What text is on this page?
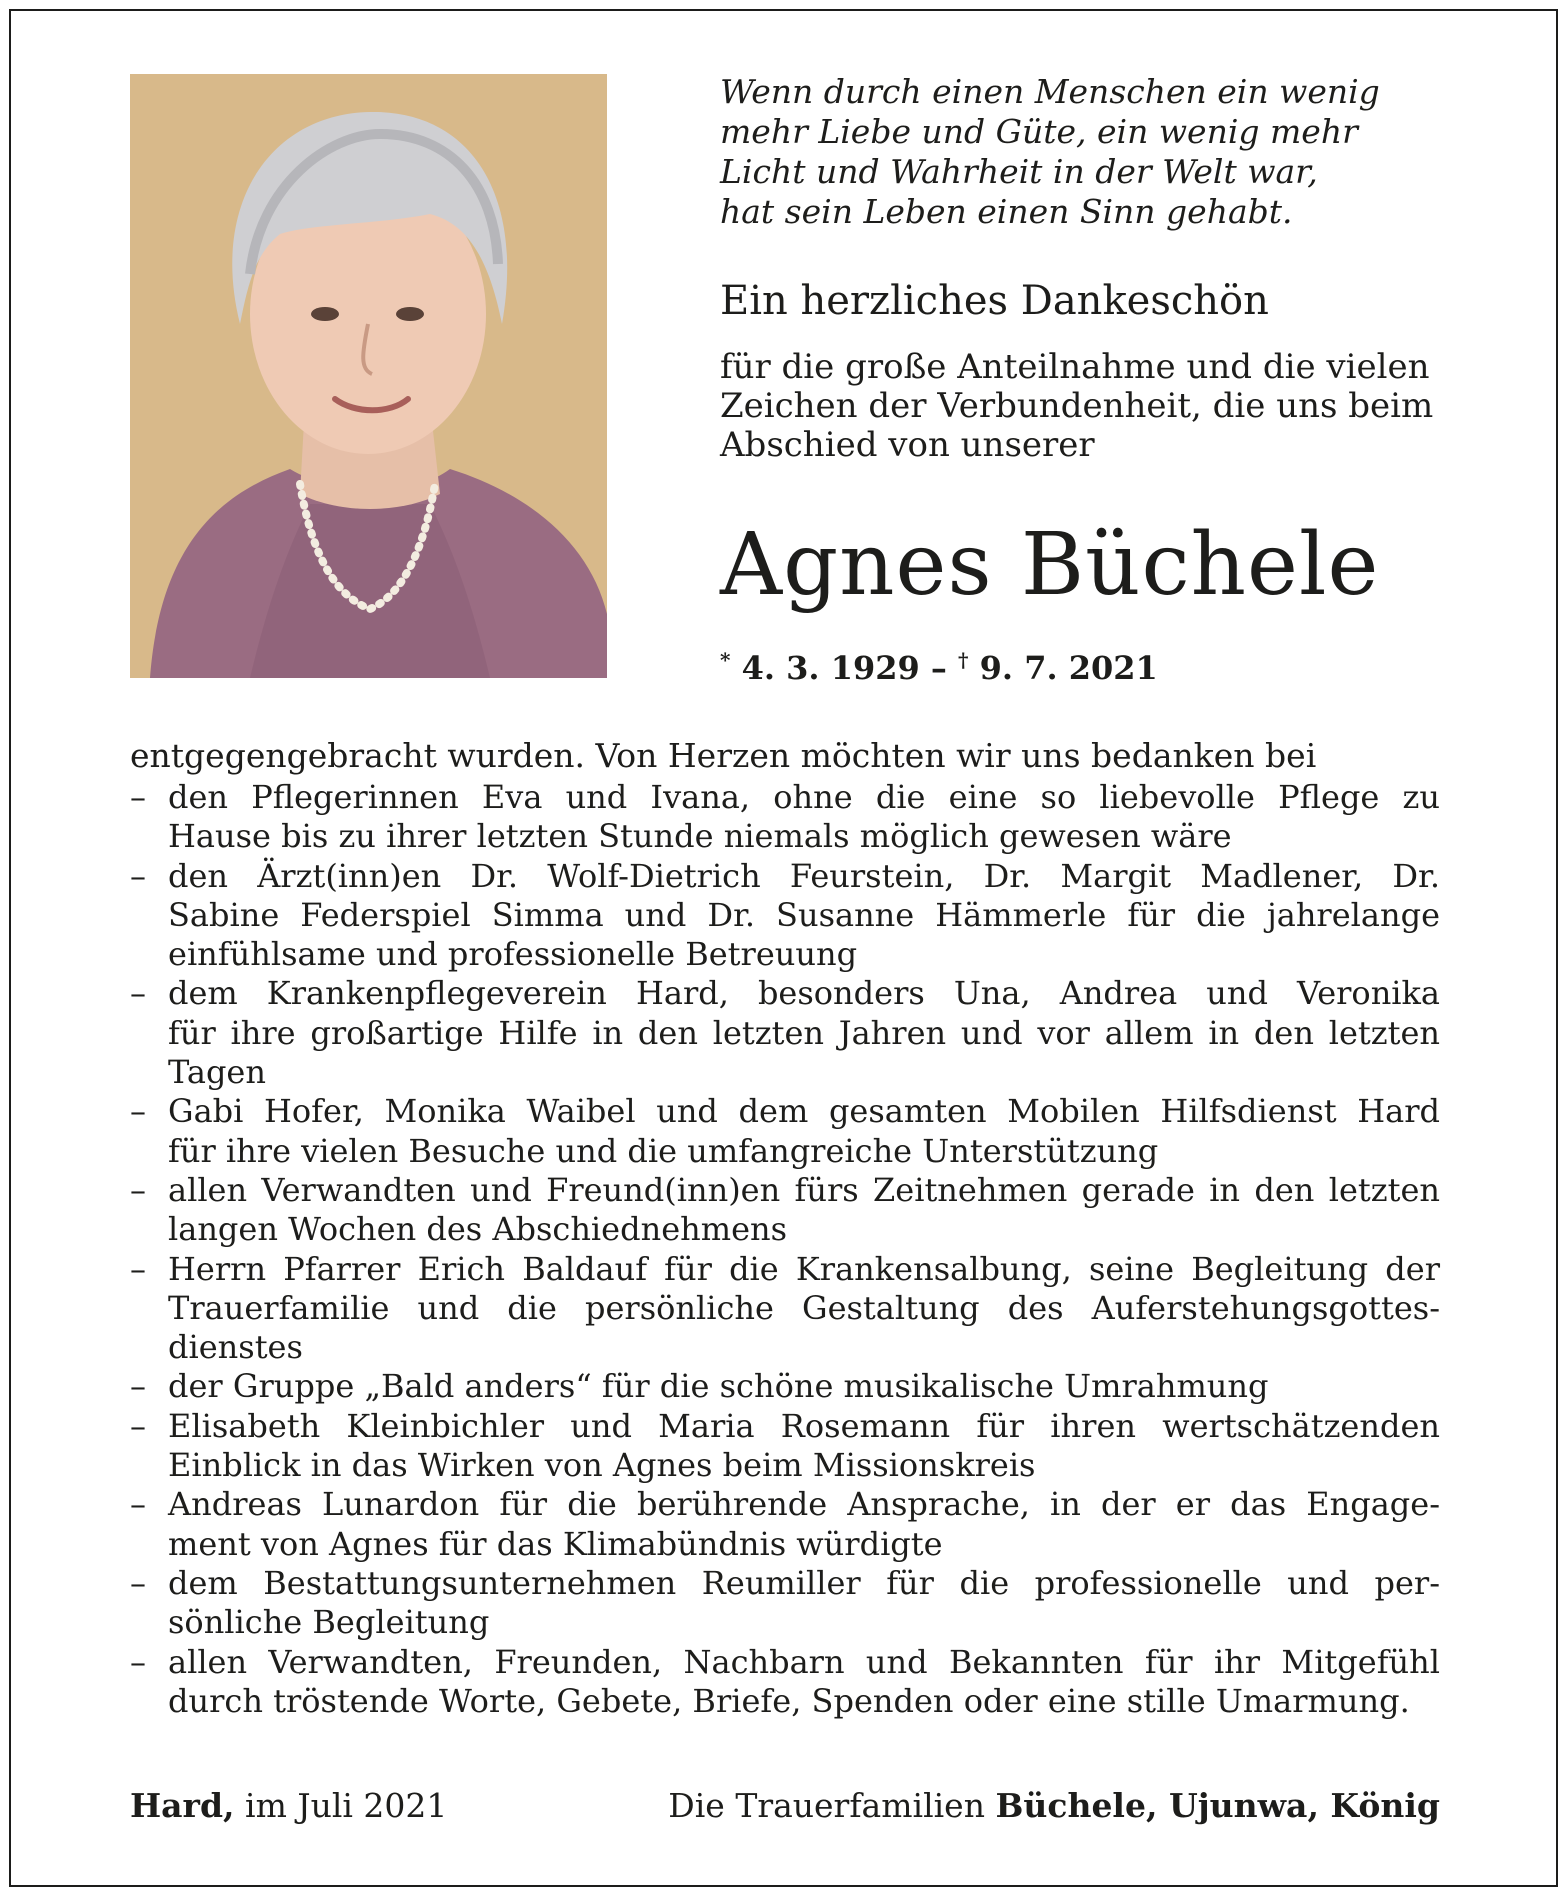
Wenn durch einen Menschen ein wenig
mehr Liebe und Güte, ein wenig mehr
Licht und Wahrheit in der Welt war,
hat sein Leben einen Sinn gehabt.

Ein herzliches Dankeschön

für die große Anteilnahme und die vielen
Zeichen der Verbundenheit, die uns beim
Abschied von unserer

Agnes Büchele

* 4. 3. 1929 – † 9. 7. 2021

entgegengebracht wurden. Von Herzen möchten wir uns bedanken bei

– den Pflegerinnen Eva und Ivana, ohne die eine so liebevolle Pflege zu
Hause bis zu ihrer letzten Stunde niemals möglich gewesen wäre
– den Ärzt(inn)en Dr. Wolf-Dietrich Feurstein, Dr. Margit Madlener, Dr.
Sabine Federspiel Simma und Dr. Susanne Hämmerle für die jahrelange
einfühlsame und professionelle Betreuung
– dem Krankenpflegeverein Hard, besonders Una, Andrea und Veronika
für ihre großartige Hilfe in den letzten Jahren und vor allem in den letzten
Tagen
– Gabi Hofer, Monika Waibel und dem gesamten Mobilen Hilfsdienst Hard
für ihre vielen Besuche und die umfangreiche Unterstützung
– allen Verwandten und Freund(inn)en fürs Zeitnehmen gerade in den letzten
langen Wochen des Abschiednehmens
– Herrn Pfarrer Erich Baldauf für die Krankensalbung, seine Begleitung der
Trauerfamilie und die persönliche Gestaltung des Auferstehungsgottes-
dienstes
– der Gruppe „Bald anders“ für die schöne musikalische Umrahmung
– Elisabeth Kleinbichler und Maria Rosemann für ihren wertschätzenden
Einblick in das Wirken von Agnes beim Missionskreis
– Andreas Lunardon für die berührende Ansprache, in der er das Engage-
ment von Agnes für das Klimabündnis würdigte
– dem Bestattungsunternehmen Reumiller für die professionelle und per-
sönliche Begleitung
– allen Verwandten, Freunden, Nachbarn und Bekannten für ihr Mitgefühl
durch tröstende Worte, Gebete, Briefe, Spenden oder eine stille Umarmung.

Hard, im Juli 2021	Die Trauerfamilien Büchele, Ujunwa, König
